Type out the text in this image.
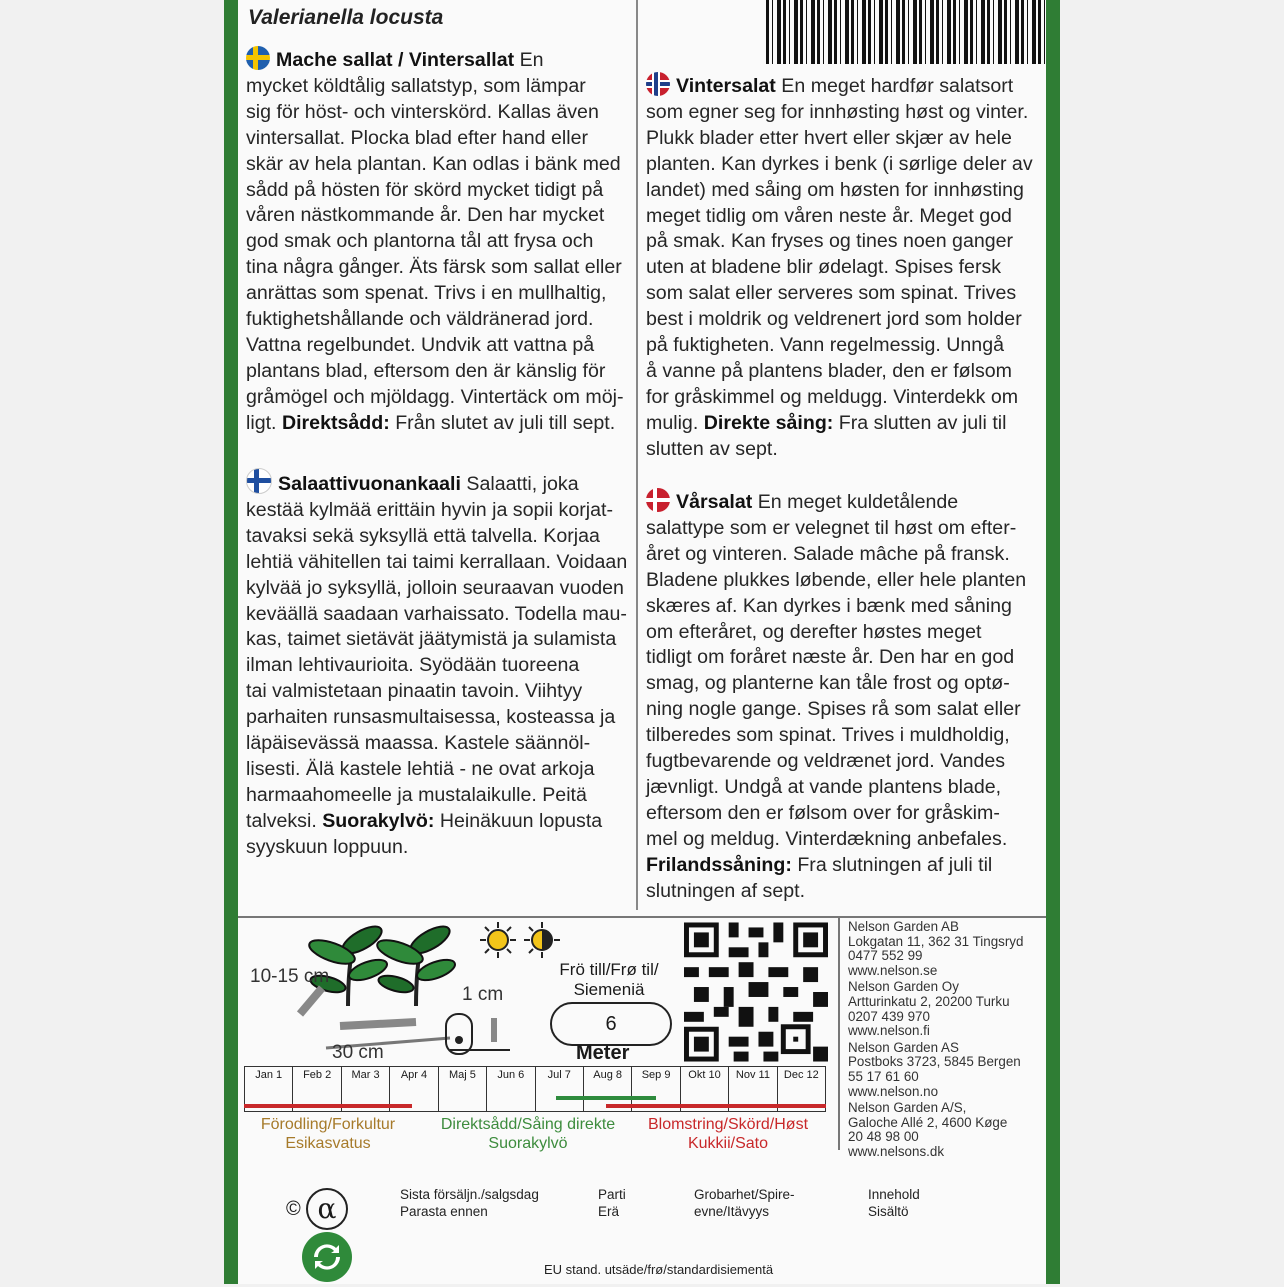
Valerianella locusta
Mache sallat / Vintersallat En
mycket köldtålig sallatstyp, som lämpar
sig för höst- och vinterskörd. Kallas även
vintersallat. Plocka blad efter hand eller
skär av hela plantan. Kan odlas i bänk med
sådd på hösten för skörd mycket tidigt på
våren nästkommande år. Den har mycket
god smak och plantorna tål att frysa och
tina några gånger. Äts färsk som sallat eller
anrättas som spenat. Trivs i en mullhaltig,
fuktighetshållande och väldränerad jord.
Vattna regelbundet. Undvik att vattna på
plantans blad, eftersom den är känslig för
gråmögel och mjöldagg. Vintertäck om möj-
ligt. Direktsådd: Från slutet av juli till sept.
Salaattivuonankaali Salaatti, joka
kestää kylmää erittäin hyvin ja sopii korjat-
tavaksi sekä syksyllä että talvella. Korjaa
lehtiä vähitellen tai taimi kerrallaan. Voidaan
kylvää jo syksyllä, jolloin seuraavan vuoden
keväällä saadaan varhaissato. Todella mau-
kas, taimet sietävät jäätymistä ja sulamista
ilman lehtivaurioita. Syödään tuoreena
tai valmistetaan pinaatin tavoin. Viihtyy
parhaiten runsasmultaisessa, kosteassa ja
läpäisevässä maassa. Kastele säännöl-
lisesti. Älä kastele lehtiä - ne ovat arkoja
harmaahomeelle ja mustalaikulle. Peitä
talveksi. Suorakylvö: Heinäkuun lopusta
syyskuun loppuun.
Vintersalat En meget hardfør salatsort
som egner seg for innhøsting høst og vinter.
Plukk blader etter hvert eller skjær av hele
planten. Kan dyrkes i benk (i sørlige deler av
landet) med såing om høsten for innhøsting
meget tidlig om våren neste år. Meget god
på smak. Kan fryses og tines noen ganger
uten at bladene blir ødelagt. Spises fersk
som salat eller serveres som spinat. Trives
best i moldrik og veldrenert jord som holder
på fuktigheten. Vann regelmessig. Unngå
å vanne på plantens blader, den er følsom
for gråskimmel og meldugg. Vinterdekk om
mulig. Direkte såing: Fra slutten av juli til
slutten av sept.
Vårsalat En meget kuldetålende
salattype som er velegnet til høst om efter-
året og vinteren. Salade mâche på fransk.
Bladene plukkes løbende, eller hele planten
skæres af. Kan dyrkes i bænk med såning
om efteråret, og derefter høstes meget
tidligt om foråret næste år. Den har en god
smag, og planterne kan tåle frost og optø-
ning nogle gange. Spises rå som salat eller
tilberedes som spinat. Trives i muldholdig,
fugtbevarende og veldrænet jord. Vandes
jævnligt. Undgå at vande plantens blade,
eftersom den er følsom over for gråskim-
mel og meldug. Vinterdækning anbefales.
Frilandssåning: Fra slutningen af juli til
slutningen af sept.
10-15 cm
30 cm
1 cm
Frö till/Frø til/
Siemeniä
6
Meter
Nelson Garden AB
Lokgatan 11, 362 31 Tingsryd
0477 552 99
www.nelson.se
Nelson Garden Oy
Artturinkatu 2, 20200 Turku
0207 439 970
www.nelson.fi
Nelson Garden AS
Postboks 3723, 5845 Bergen
55 17 61 60
www.nelson.no
Nelson Garden A/S,
Galoche Allé 2, 4600 Køge
20 48 98 00
www.nelsons.dk
Jan 1	Feb 2	Mar 3	Apr 4	Maj 5	Jun 6	Jul 7	Aug 8	Sep 9	Okt 10	Nov 11	Dec 12
Förodling/Forkultur
Esikasvatus
Direktsådd/Såing direkte
Suorakylvö
Blomstring/Skörd/Høst
Kukkii/Sato
© α	Sista försäljn./salgsdag
Parasta ennen
Parti
Erä
Grobarhet/Spire-
evne/Itävyys
Innehold
Sisältö
EU stand. utsäde/frø/standardisiementä
